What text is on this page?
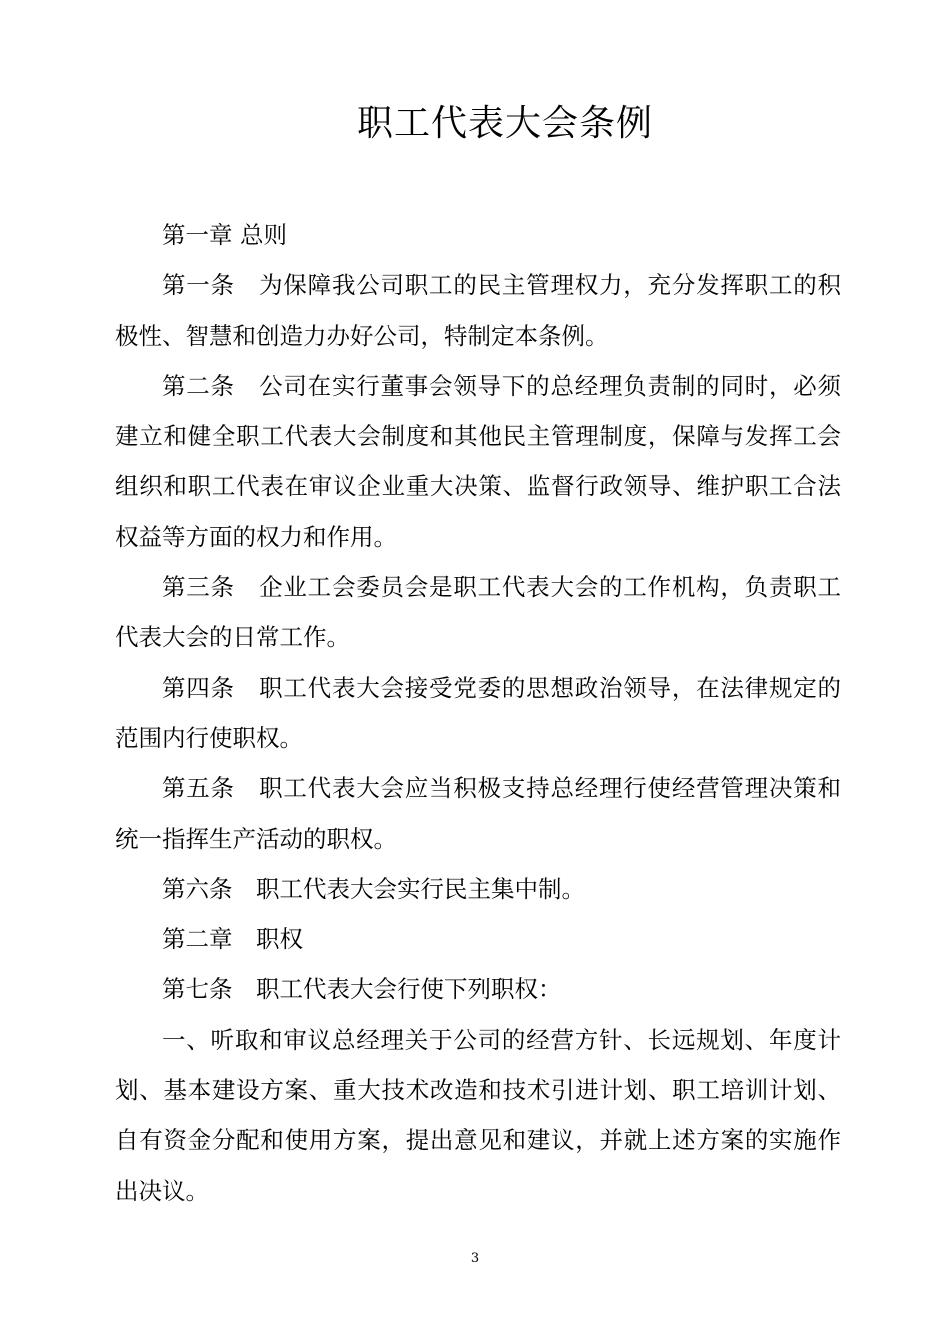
职工代表大会条例

第一章 总则

第一条　为保障我公司职工的民主管理权力，充分发挥职工的积极性、智慧和创造力办好公司，特制定本条例。

第二条　公司在实行董事会领导下的总经理负责制的同时，必须建立和健全职工代表大会制度和其他民主管理制度，保障与发挥工会组织和职工代表在审议企业重大决策、监督行政领导、维护职工合法权益等方面的权力和作用。

第三条　企业工会委员会是职工代表大会的工作机构，负责职工代表大会的日常工作。

第四条　职工代表大会接受党委的思想政治领导，在法律规定的范围内行使职权。

第五条　职工代表大会应当积极支持总经理行使经营管理决策和统一指挥生产活动的职权。

第六条　职工代表大会实行民主集中制。

第二章　职权

第七条　职工代表大会行使下列职权：

一、听取和审议总经理关于公司的经营方针、长远规划、年度计划、基本建设方案、重大技术改造和技术引进计划、职工培训计划、自有资金分配和使用方案，提出意见和建议，并就上述方案的实施作出决议。

3
